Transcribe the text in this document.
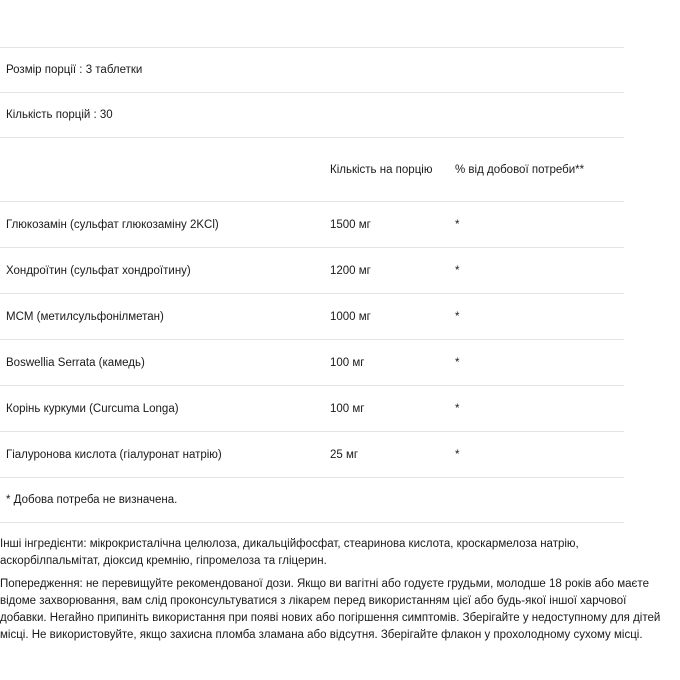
Розмір порції : 3 таблетки
Кількість порцій : 30
Кількість на порцію % від добової потреби**
Глюкозамін (сульфат глюкозаміну 2KCl)	1500 мг	*
Хондроїтин (сульфат хондроїтину)	1200 мг	*
MCM (метилсульфонілметан)	1000 мг	*
Boswellia Serrata (камедь)	100 мг	*
Корінь куркуми (Curcuma Longa)	100 мг	*
Гіалуронова кислота (гіалуронат натрію)	25 мг	*
* Добова потреба не визначена.
Інші інгредієнти: мікрокристалічна целюлоза, дикальційфосфат, стеаринова кислота, кроскармелоза натрію, аскорбілпальмітат, діоксид кремнію, гіпромелоза та гліцерин.
Попередження: не перевищуйте рекомендованої дози. Якщо ви вагітні або годуєте грудьми, молодше 18 років або маєте відоме захворювання, вам слід проконсультуватися з лікарем перед використанням цієї або будь-якої іншої харчової добавки. Негайно припиніть використання при появі нових або погіршення симптомів. Зберігайте у недоступному для дітей місці. Не використовуйте, якщо захисна пломба зламана або відсутня. Зберігайте флакон у прохолодному сухому місці.
